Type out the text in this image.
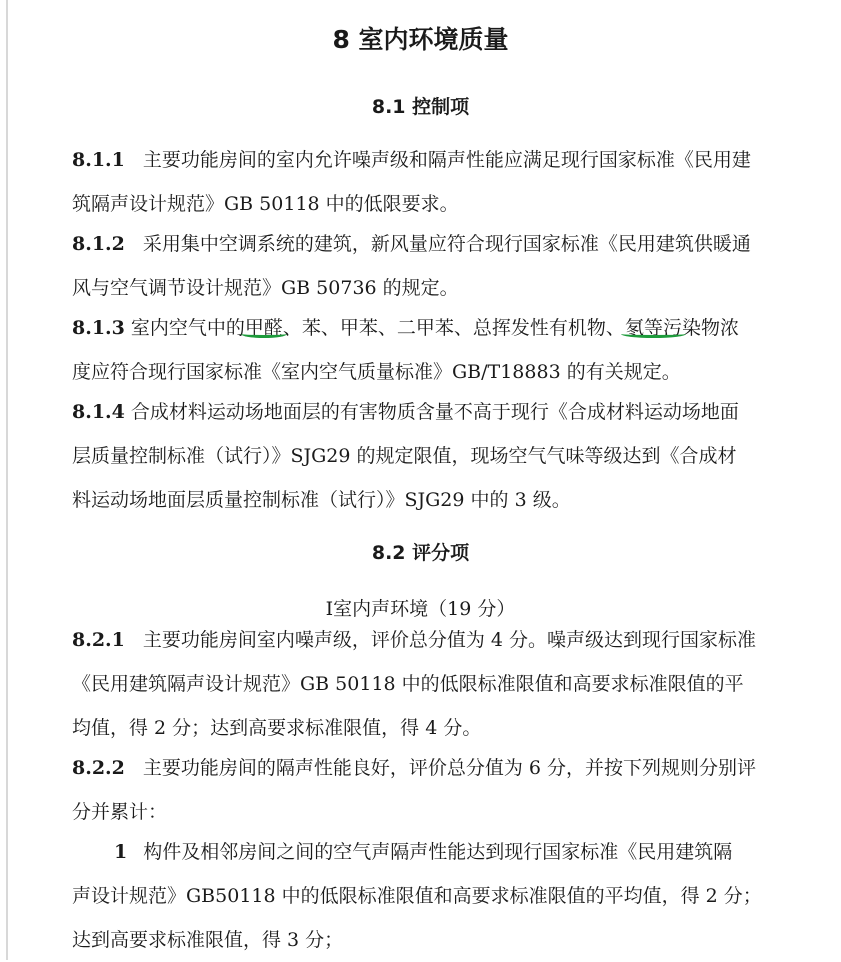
8 室内环境质量
8.1 控制项
8.1.1 主要功能房间的室内允许噪声级和隔声性能应满足现行国家标准《民用建
筑隔声设计规范》GB 50118 中的低限要求。
8.1.2 采用集中空调系统的建筑，新风量应符合现行国家标准《民用建筑供暖通
风与空气调节设计规范》GB 50736 的规定。
8.1.3 室内空气中的甲醛、苯、甲苯、二甲苯、总挥发性有机物、氡等污染物浓
度应符合现行国家标准《室内空气质量标准》GB/T18883 的有关规定。
8.1.4 合成材料运动场地面层的有害物质含量不高于现行《合成材料运动场地面
层质量控制标准（试行）》SJG29 的规定限值，现场空气气味等级达到《合成材
料运动场地面层质量控制标准（试行）》SJG29 中的 3 级。
8.2 评分项
Ⅰ室内声环境（19 分）
8.2.1 主要功能房间室内噪声级，评价总分值为 4 分。噪声级达到现行国家标准
《民用建筑隔声设计规范》GB 50118 中的低限标准限值和高要求标准限值的平
均值，得 2 分；达到高要求标准限值，得 4 分。
8.2.2 主要功能房间的隔声性能良好，评价总分值为 6 分，并按下列规则分别评
分并累计：
1 构件及相邻房间之间的空气声隔声性能达到现行国家标准《民用建筑隔
声设计规范》GB50118 中的低限标准限值和高要求标准限值的平均值，得 2 分；
达到高要求标准限值，得 3 分；
